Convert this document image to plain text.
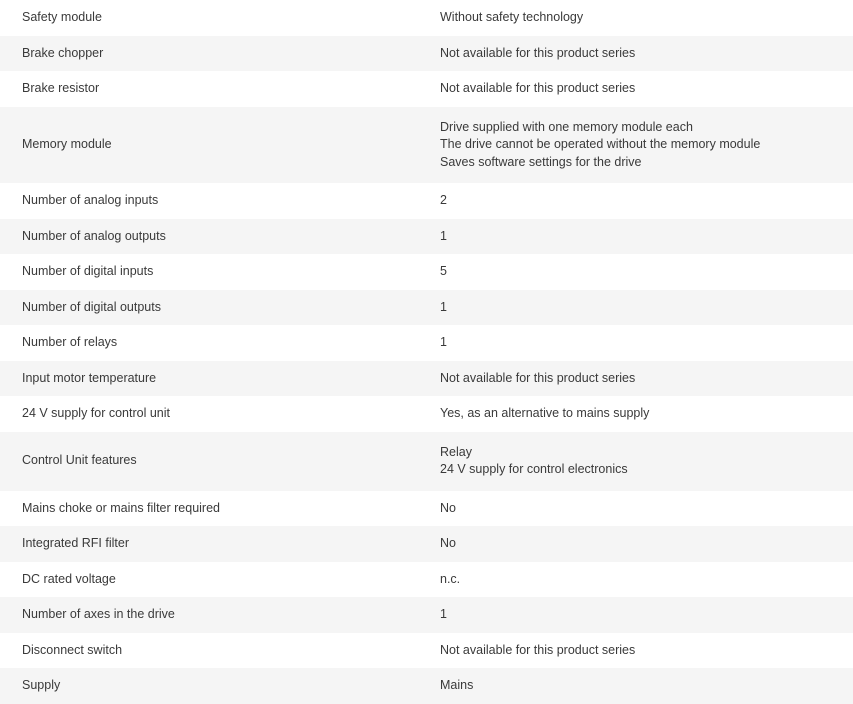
Safety module	Without safety technology

Brake chopper	Not available for this product series

Brake resistor	Not available for this product series

Memory module	Drive supplied with one memory module each
The drive cannot be operated without the memory module
Saves software settings for the drive

Number of analog inputs	2

Number of analog outputs	1

Number of digital inputs	5

Number of digital outputs	1

Number of relays	1

Input motor temperature	Not available for this product series

24 V supply for control unit	Yes, as an alternative to mains supply

Control Unit features	Relay
24 V supply for control electronics

Mains choke or mains filter required	No

Integrated RFI filter	No

DC rated voltage	n.c.

Number of axes in the drive	1

Disconnect switch	Not available for this product series

Supply	Mains
